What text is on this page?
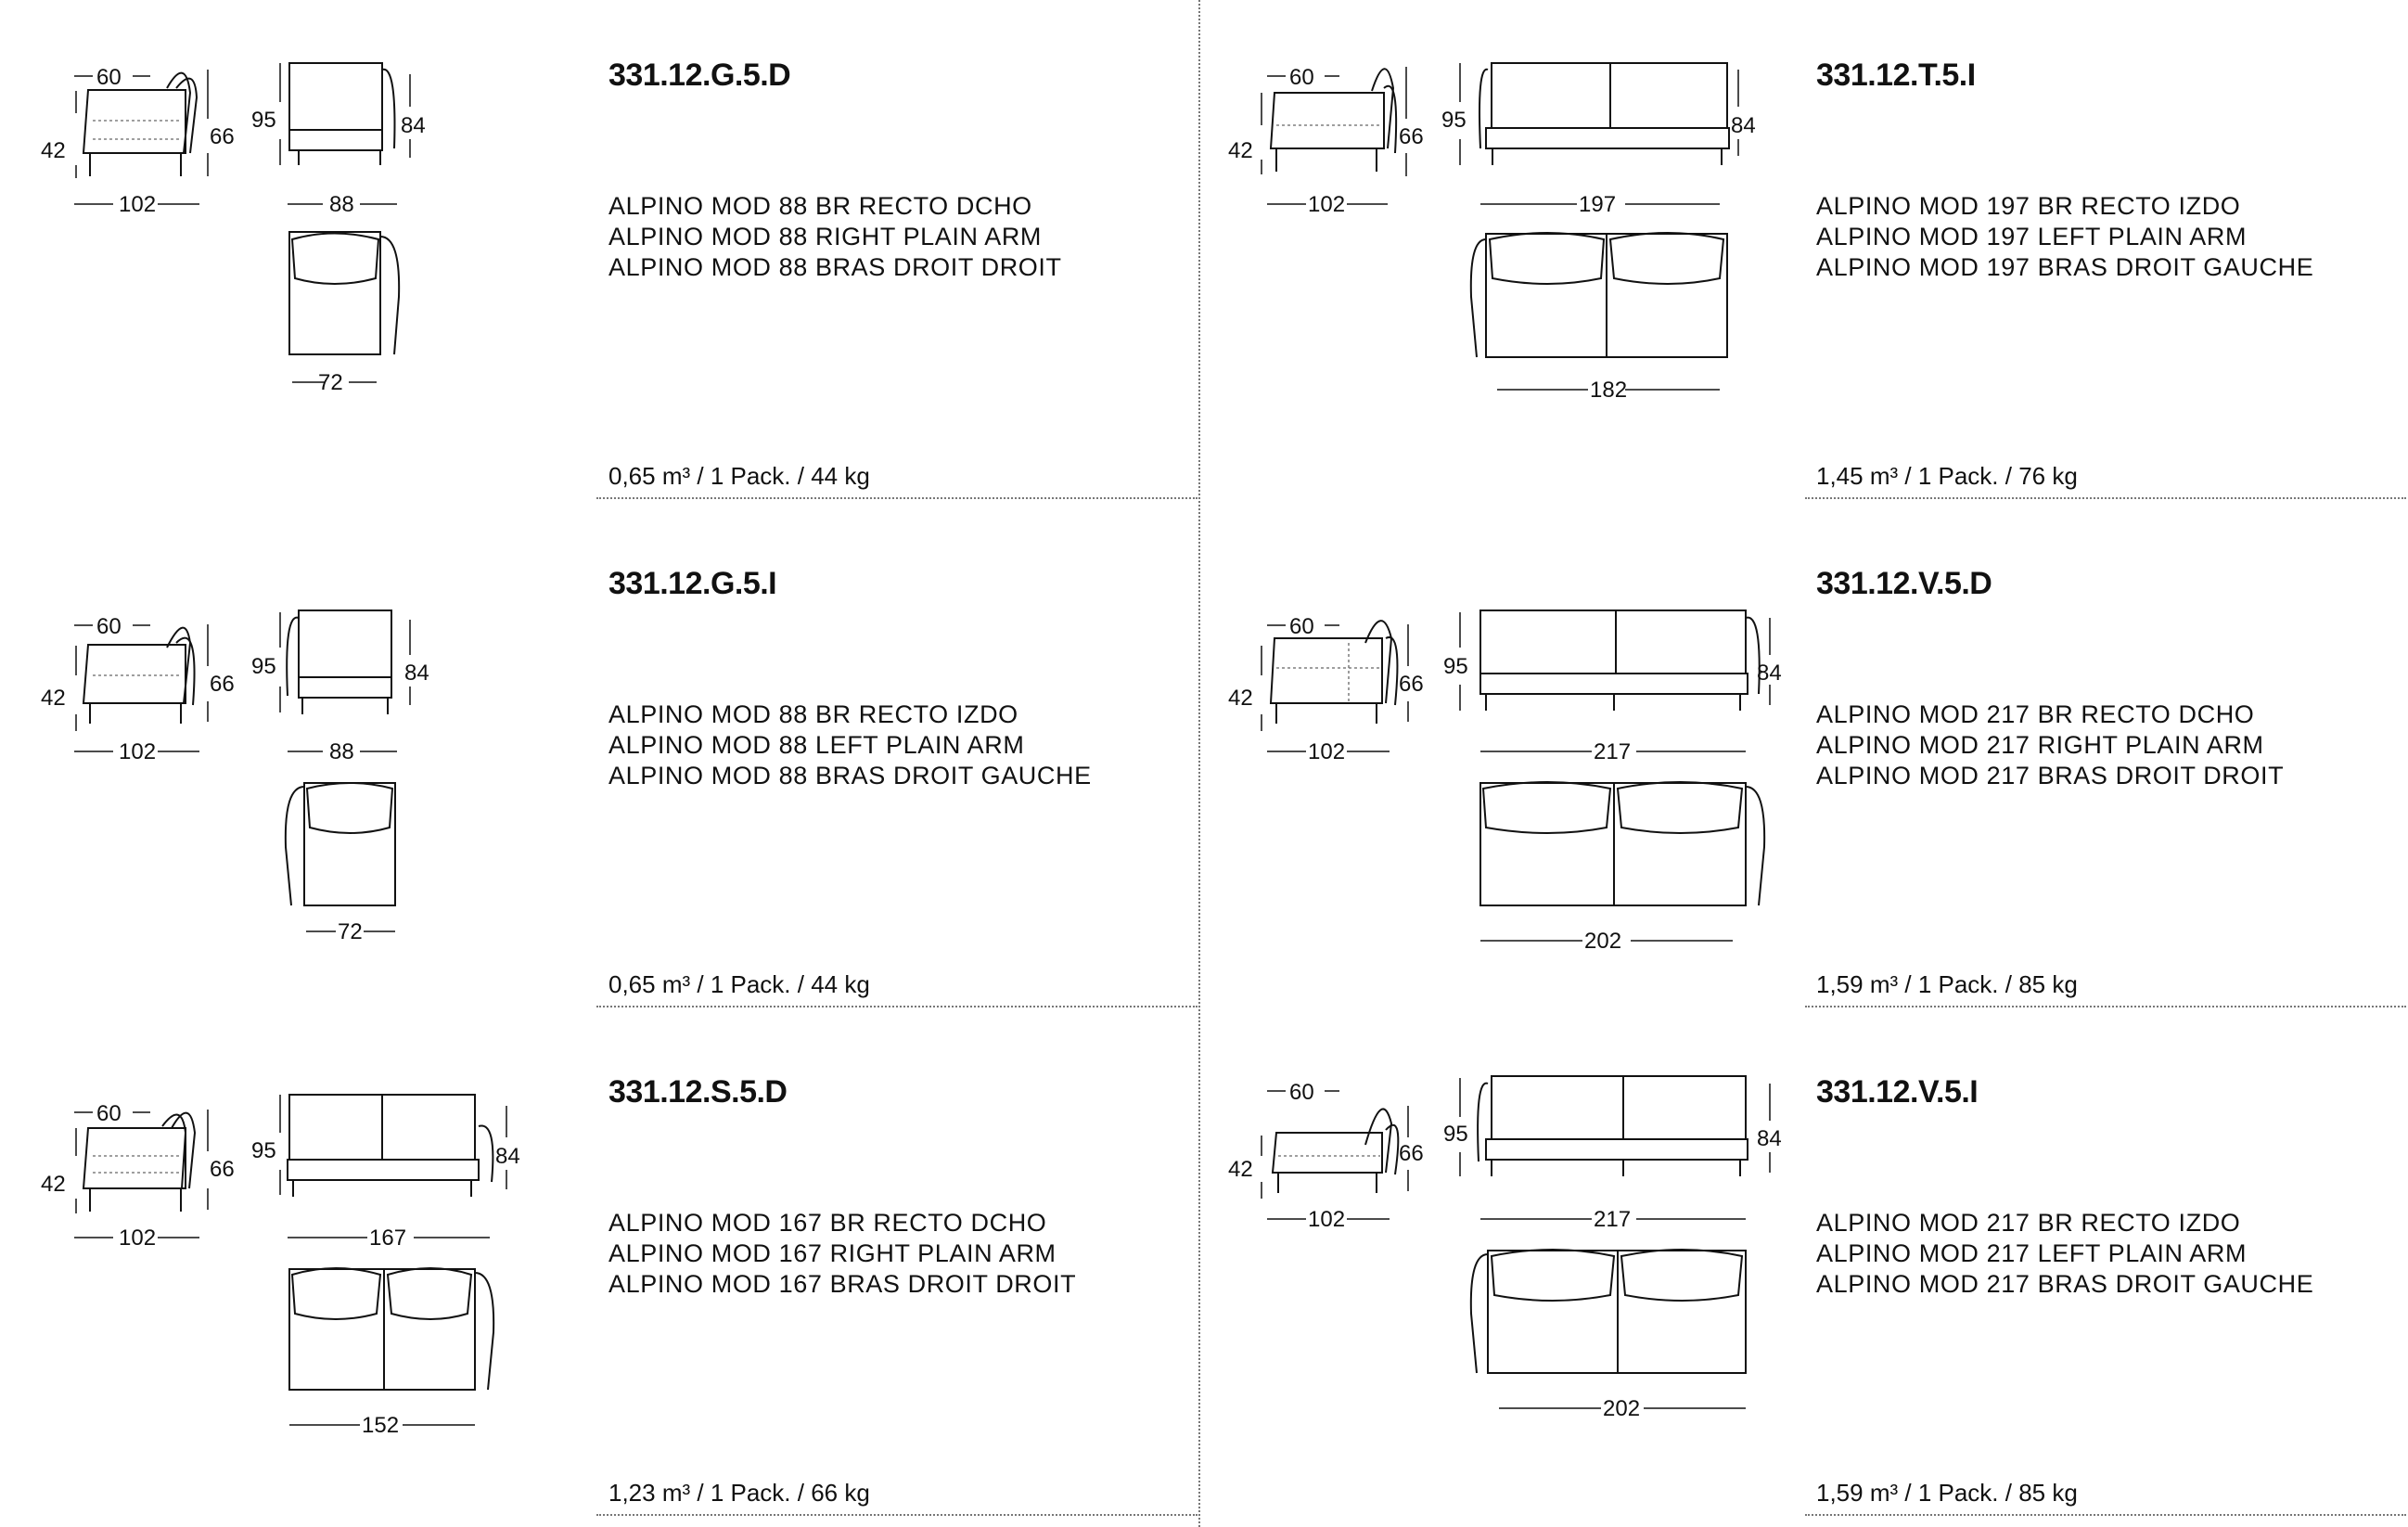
60
42
66
102
95	84
88
72
331.12.G.5.D
ALPINO MOD 88 BR RECTO DCHO
ALPINO MOD 88 RIGHT PLAIN ARM
ALPINO MOD 88 BRAS DROIT DROIT
0,65 m³ / 1 Pack. / 44 kg
60
42
66
102
95	84
197
182
331.12.T.5.I
ALPINO MOD 197 BR RECTO IZDO
ALPINO MOD 197 LEFT PLAIN ARM
ALPINO MOD 197 BRAS DROIT GAUCHE
1,45 m³ / 1 Pack. / 76 kg
60
42
66
102
95	84
88
72
331.12.G.5.I
ALPINO MOD 88 BR RECTO IZDO
ALPINO MOD 88 LEFT PLAIN ARM
ALPINO MOD 88 BRAS DROIT GAUCHE
0,65 m³ / 1 Pack. / 44 kg
60
42
66
102
95	84
217
202
331.12.V.5.D
ALPINO MOD 217 BR RECTO DCHO
ALPINO MOD 217 RIGHT PLAIN ARM
ALPINO MOD 217 BRAS DROIT DROIT
1,59 m³ / 1 Pack. / 85 kg
60
42
66
102
95	84
167
152
331.12.S.5.D
ALPINO MOD 167 BR RECTO DCHO
ALPINO MOD 167 RIGHT PLAIN ARM
ALPINO MOD 167 BRAS DROIT DROIT
1,23 m³ / 1 Pack. / 66 kg
60
42
66
102
95	84
217
202
331.12.V.5.I
ALPINO MOD 217 BR RECTO IZDO
ALPINO MOD 217 LEFT PLAIN ARM
ALPINO MOD 217 BRAS DROIT GAUCHE
1,59 m³ / 1 Pack. / 85 kg
